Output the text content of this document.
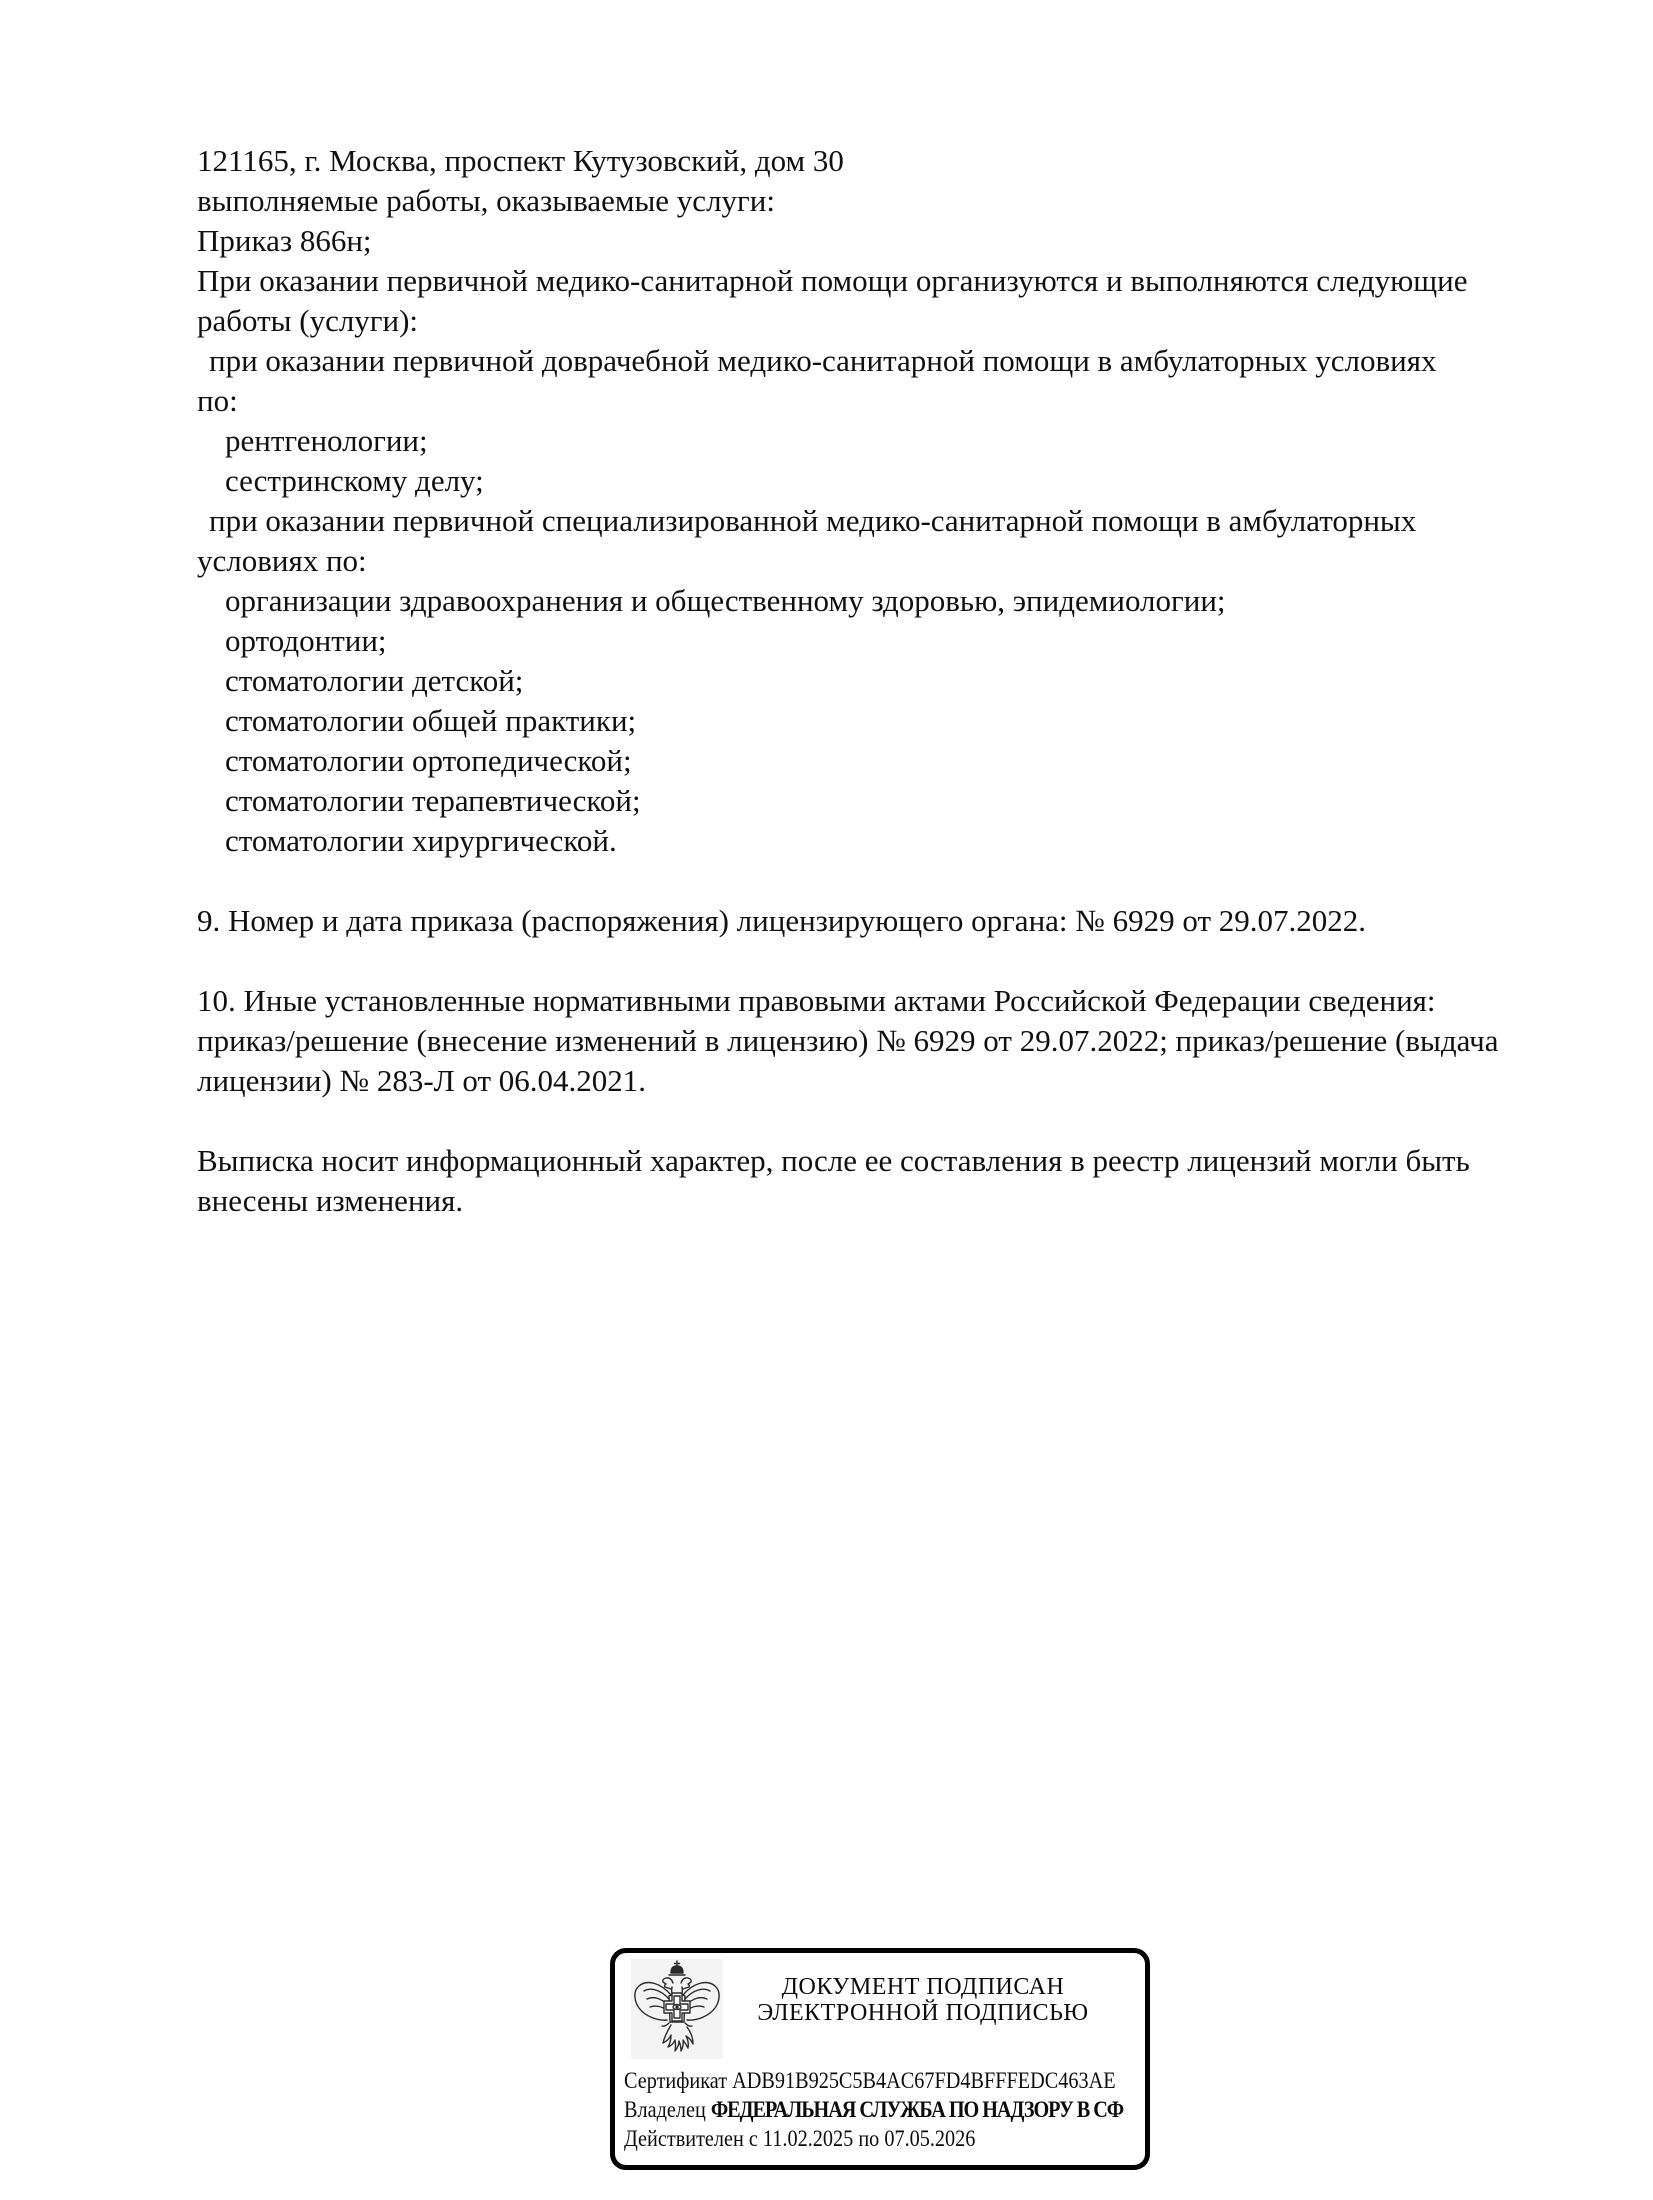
121165, г. Москва, проспект Кутузовский, дом 30
выполняемые работы, оказываемые услуги:
Приказ 866н;
При оказании первичной медико-санитарной помощи организуются и выполняются следующие
работы (услуги):
при оказании первичной доврачебной медико-санитарной помощи в амбулаторных условиях
по:
рентгенологии;
сестринскому делу;
при оказании первичной специализированной медико-санитарной помощи в амбулаторных
условиях по:
организации здравоохранения и общественному здоровью, эпидемиологии;
ортодонтии;
стоматологии детской;
стоматологии общей практики;
стоматологии ортопедической;
стоматологии терапевтической;
стоматологии хирургической.

9. Номер и дата приказа (распоряжения) лицензирующего органа: № 6929 от 29.07.2022.

10. Иные установленные нормативными правовыми актами Российской Федерации сведения:
приказ/решение (внесение изменений в лицензию) № 6929 от 29.07.2022; приказ/решение (выдача
лицензии) № 283-Л от 06.04.2021.

Выписка носит информационный характер, после ее составления в реестр лицензий могли быть
внесены изменения.
ДОКУМЕНТ ПОДПИСАН
ЭЛЕКТРОННОЙ ПОДПИСЬЮ
Сертификат ADB91B925C5B4AC67FD4BFFFEDC463AE
Владелец ФЕДЕРАЛЬНАЯ СЛУЖБА ПО НАДЗОРУ В СФ
Действителен с 11.02.2025 по 07.05.2026
